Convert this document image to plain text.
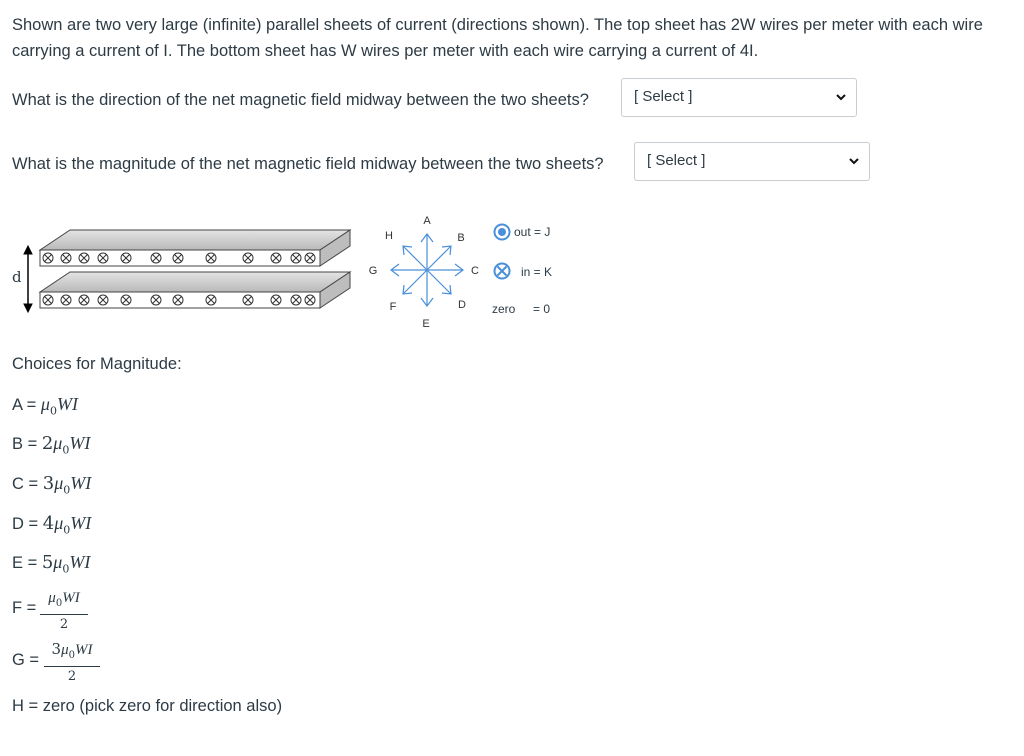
Shown are two very large (infinite) parallel sheets of current (directions shown). The top sheet has 2W wires per meter with each wire
carrying a current of I. The bottom sheet has W wires per meter with each wire carrying a current of 4I.
What is the direction of the net magnetic field midway between the two sheets?	[ Select ]
What is the magnitude of the net magnetic field midway between the two sheets?	[ Select ]
d
A
B
C
D
E
F
G
H	out = J
in = K
zero = 0
Choices for Magnitude:
$A = \mu_0WI$
$B = 2\mu_0WI$
$C = 3\mu_0WI$
$D = 4\mu_0WI$
$E = 5\mu_0WI$
F =
$\mu_0WI$
2
G =
$3\mu_0WI$
2
H = zero (pick zero for direction also)
